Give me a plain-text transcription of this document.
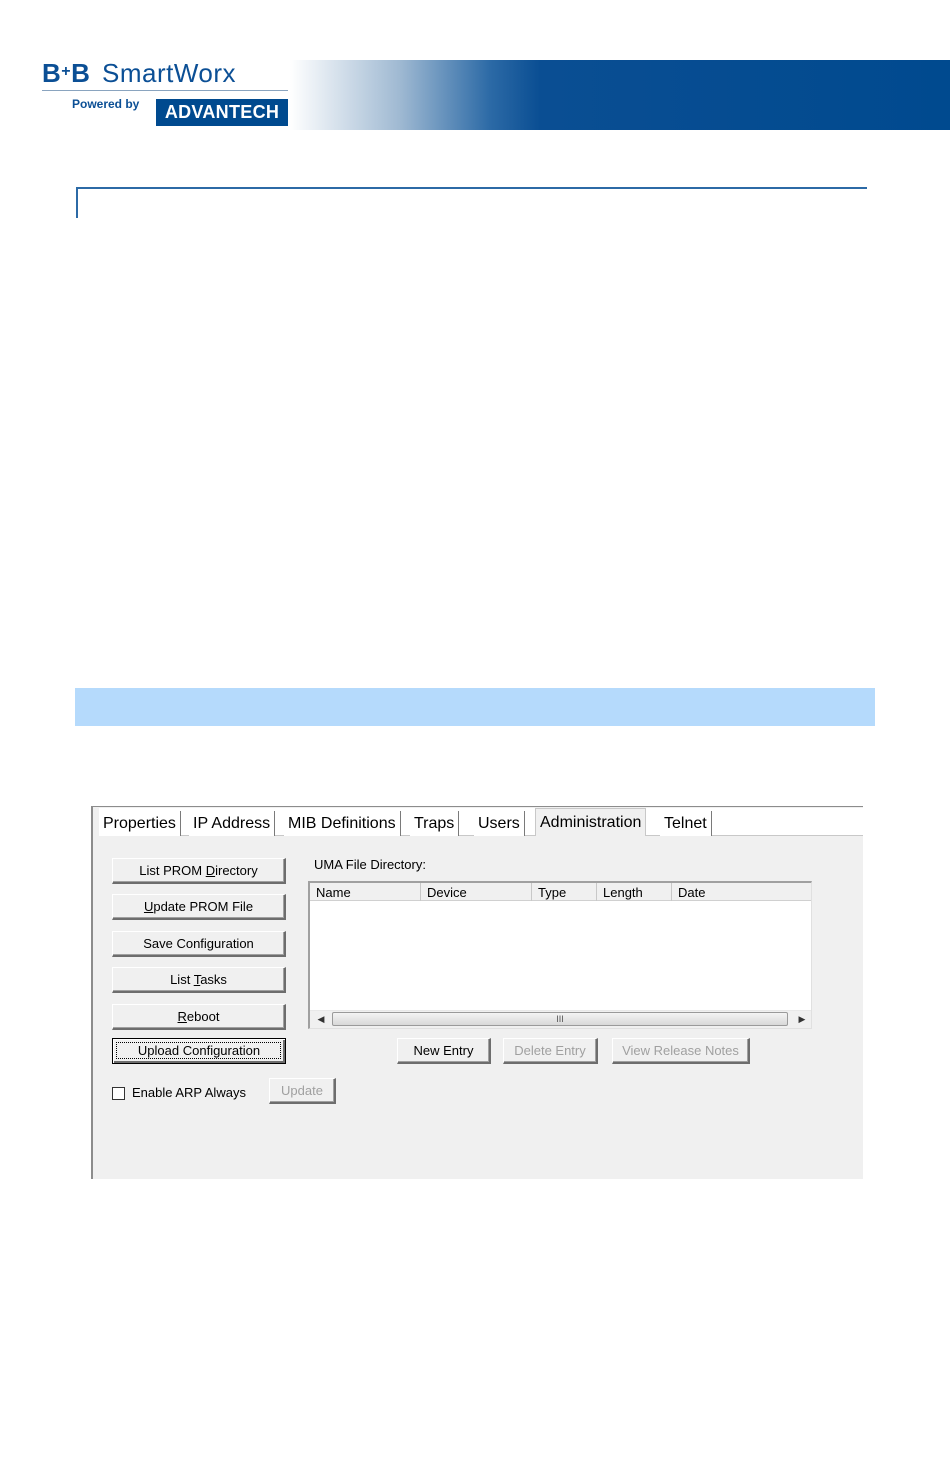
B+B SmartWorx
Powered by	ADVANTECH
Properties	IP Address	MIB Definitions	Traps	Users	Administration	Telnet
List PROM Directory
Update PROM File
Save Configuration
List Tasks
Reboot
Upload Configuration
UMA File Directory:
Name	Device	Type	Length	Date
◀	III	▶
New Entry	Delete Entry	View Release Notes
Enable ARP Always	Update
